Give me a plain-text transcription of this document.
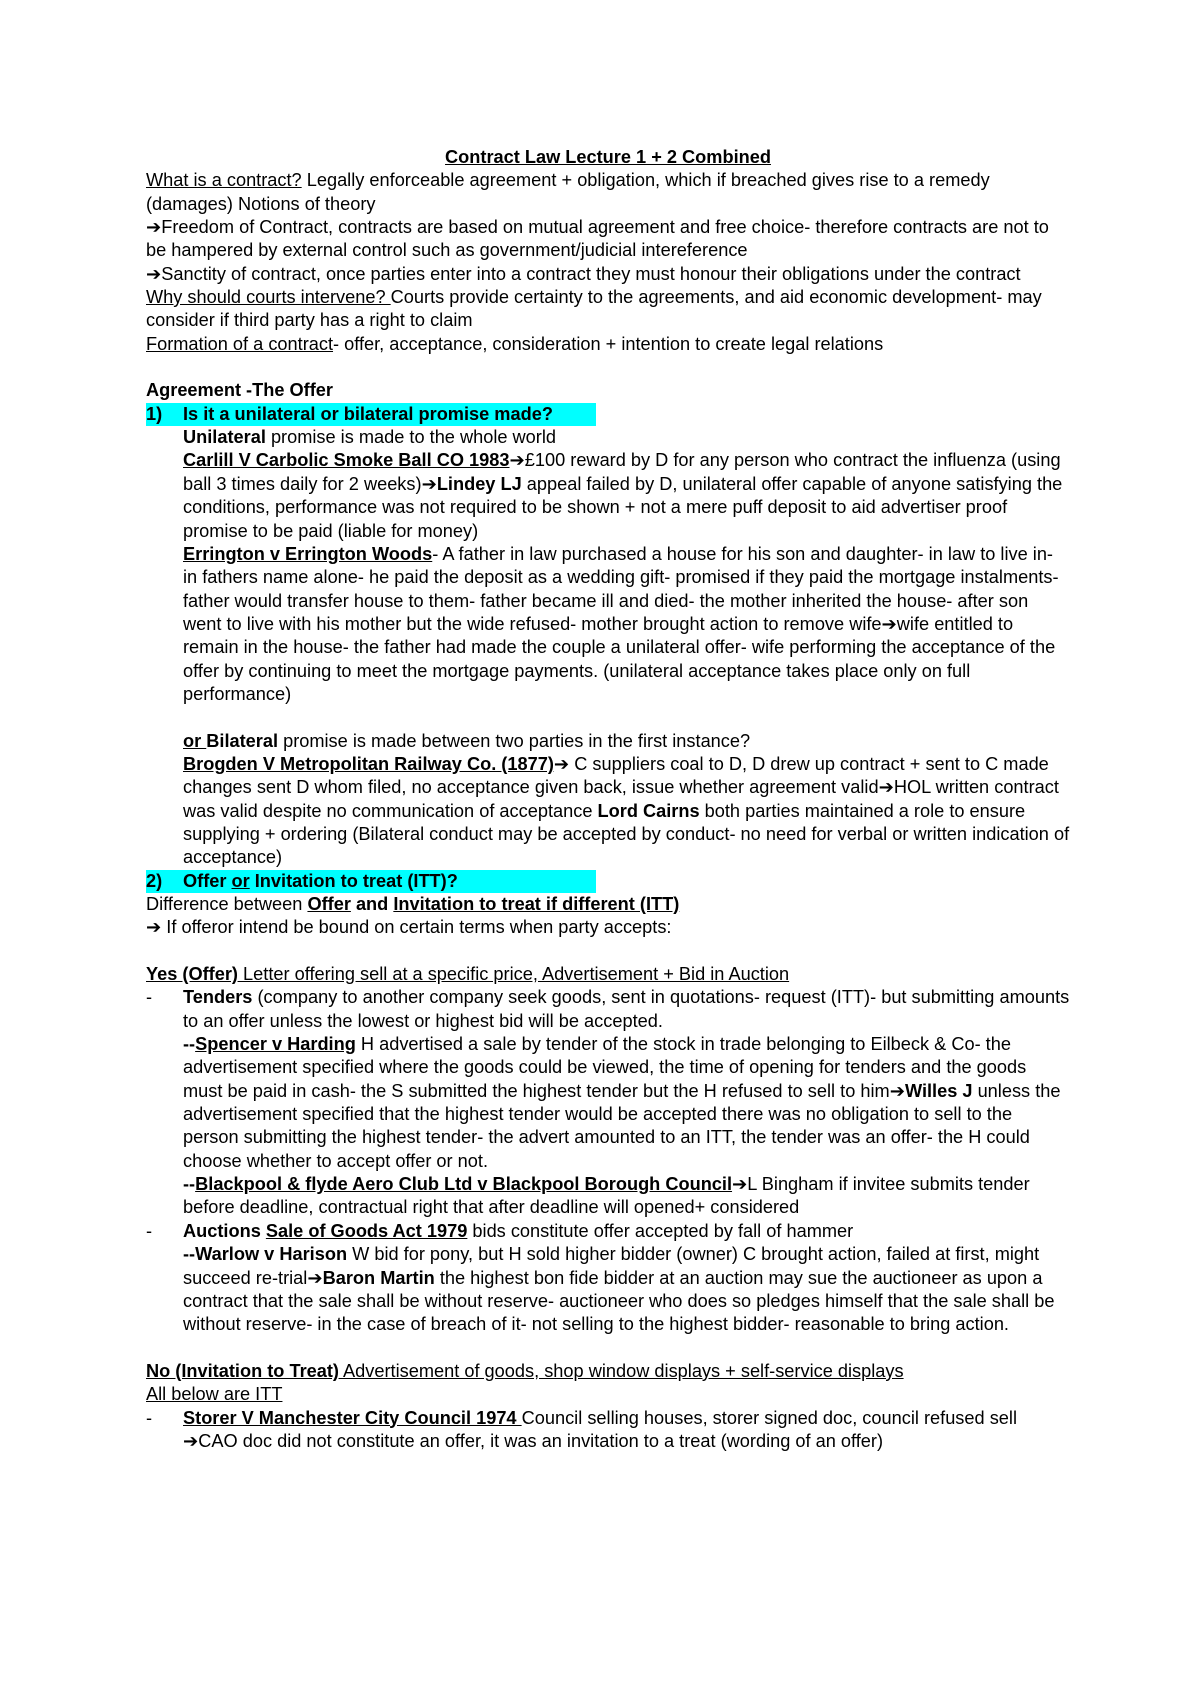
Contract Law Lecture 1 + 2 Combined

What is a contract? Legally enforceable agreement + obligation, which if breached gives rise to a remedy (damages) Notions of theory

➔Freedom of Contract, contracts are based on mutual agreement and free choice- therefore contracts are not to be hampered by external control such as government/judicial intereference

➔Sanctity of contract, once parties enter into a contract they must honour their obligations under the contract

Why should courts intervene? Courts provide certainty to the agreements, and aid economic development- may consider if third party has a right to claim

Formation of a contract- offer, acceptance, consideration + intention to create legal relations

Agreement -The Offer

1) Is it a unilateral or bilateral promise made?

Unilateral promise is made to the whole world

Carlill V Carbolic Smoke Ball CO 1983➔£100 reward by D for any person who contract the influenza (using ball 3 times daily for 2 weeks)➔Lindey LJ appeal failed by D, unilateral offer capable of anyone satisfying the conditions, performance was not required to be shown + not a mere puff deposit to aid advertiser proof promise to be paid (liable for money)

Errington v Errington Woods- A father in law purchased a house for his son and daughter- in law to live in- in fathers name alone- he paid the deposit as a wedding gift- promised if they paid the mortgage instalments- father would transfer house to them- father became ill and died- the mother inherited the house- after son went to live with his mother but the wide refused- mother brought action to remove wife➔wife entitled to remain in the house- the father had made the couple a unilateral offer- wife performing the acceptance of the offer by continuing to meet the mortgage payments. (unilateral acceptance takes place only on full performance)

or Bilateral promise is made between two parties in the first instance?

Brogden V Metropolitan Railway Co. (1877)➔ C suppliers coal to D, D drew up contract + sent to C made changes sent D whom filed, no acceptance given back, issue whether agreement valid➔HOL written contract was valid despite no communication of acceptance Lord Cairns both parties maintained a role to ensure supplying + ordering (Bilateral conduct may be accepted by conduct- no need for verbal or written indication of acceptance)

2) Offer or Invitation to treat (ITT)?

Difference between Offer and Invitation to treat if different (ITT)

➔ If offeror intend be bound on certain terms when party accepts:

Yes (Offer) Letter offering sell at a specific price, Advertisement + Bid in Auction

-	Tenders (company to another company seek goods, sent in quotations- request (ITT)- but submitting amounts to an offer unless the lowest or highest bid will be accepted.

--Spencer v Harding H advertised a sale by tender of the stock in trade belonging to Eilbeck & Co- the advertisement specified where the goods could be viewed, the time of opening for tenders and the goods must be paid in cash- the S submitted the highest tender but the H refused to sell to him➔Willes J unless the advertisement specified that the highest tender would be accepted there was no obligation to sell to the person submitting the highest tender- the advert amounted to an ITT, the tender was an offer- the H could choose whether to accept offer or not.

--Blackpool & flyde Aero Club Ltd v Blackpool Borough Council➔L Bingham if invitee submits tender before deadline, contractual right that after deadline will opened+ considered

-	Auctions Sale of Goods Act 1979 bids constitute offer accepted by fall of hammer

--Warlow v Harison W bid for pony, but H sold higher bidder (owner) C brought action, failed at first, might succeed re-trial➔Baron Martin the highest bon fide bidder at an auction may sue the auctioneer as upon a contract that the sale shall be without reserve- auctioneer who does so pledges himself that the sale shall be without reserve- in the case of breach of it- not selling to the highest bidder- reasonable to bring action.

No (Invitation to Treat) Advertisement of goods, shop window displays + self-service displays

All below are ITT

-	Storer V Manchester City Council 1974 Council selling houses, storer signed doc, council refused sell ➔CAO doc did not constitute an offer, it was an invitation to a treat (wording of an offer)
